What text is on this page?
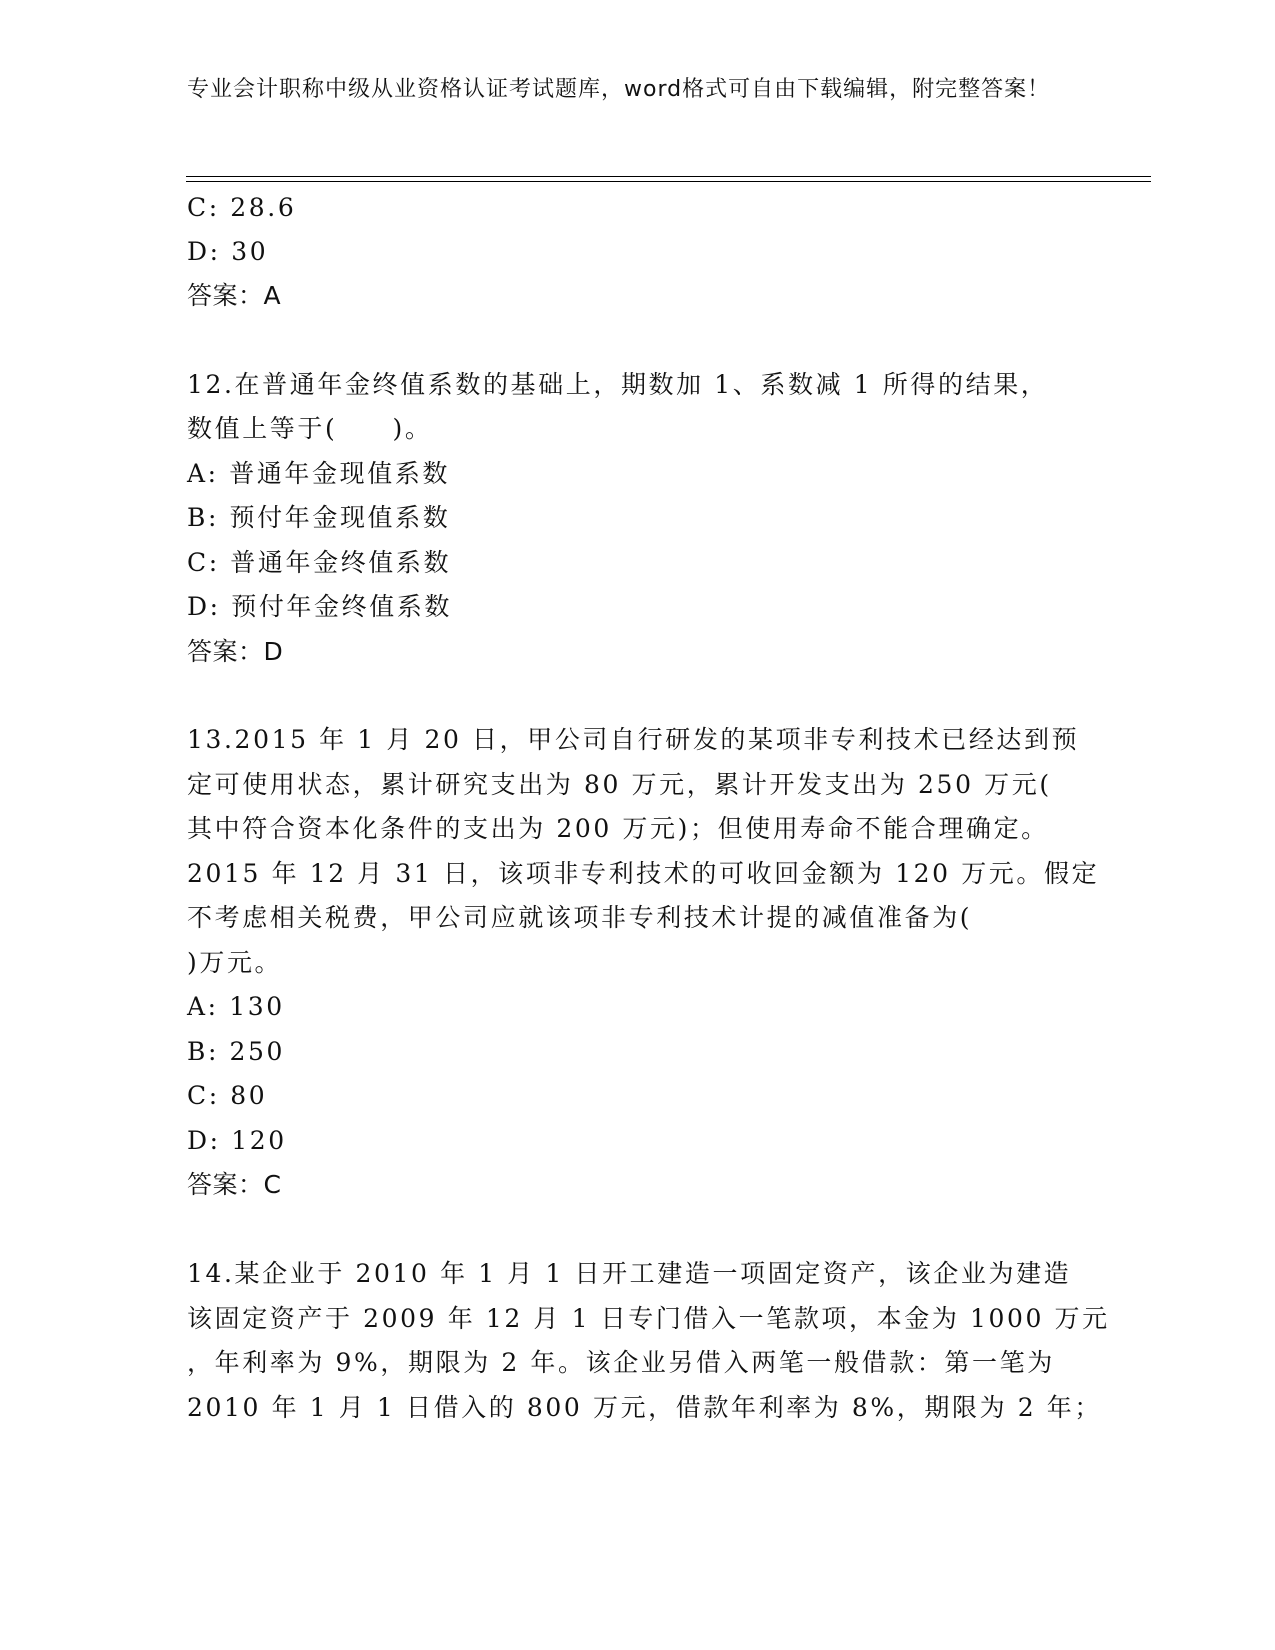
专业会计职称中级从业资格认证考试题库，word格式可自由下载编辑，附完整答案！
C: 28.6
D: 30
答案：A
12.在普通年金终值系数的基础上，期数加 1、系数减 1 所得的结果，
数值上等于(　　)。
A: 普通年金现值系数
B: 预付年金现值系数
C: 普通年金终值系数
D: 预付年金终值系数
答案：D
13.2015 年 1 月 20 日，甲公司自行研发的某项非专利技术已经达到预
定可使用状态，累计研究支出为 80 万元，累计开发支出为 250 万元(
其中符合资本化条件的支出为 200 万元)；但使用寿命不能合理确定。
2015 年 12 月 31 日，该项非专利技术的可收回金额为 120 万元。假定
不考虑相关税费，甲公司应就该项非专利技术计提的减值准备为(
)万元。
A: 130
B: 250
C: 80
D: 120
答案：C
14.某企业于 2010 年 1 月 1 日开工建造一项固定资产，该企业为建造
该固定资产于 2009 年 12 月 1 日专门借入一笔款项，本金为 1000 万元
，年利率为 9%，期限为 2 年。该企业另借入两笔一般借款：第一笔为
2010 年 1 月 1 日借入的 800 万元，借款年利率为 8%，期限为 2 年；
